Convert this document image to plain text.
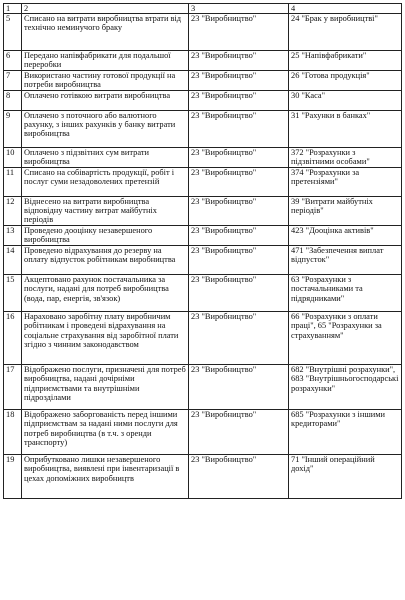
1	2	3	4
5	Списано на витрати виробництва втрати від технічно неминучого браку	23 "Виробництво"	24 "Брак у виробництві"
6	Передано напівфабрикати для подальшої переробки	23 "Виробництво"	25 "Напівфабрикати"
7	Використано частину готової продукції на потреби виробництва	23 "Виробництво"	26 "Готова продукція"
8	Оплачено готівкою витрати виробництва	23 "Виробництво"	30 "Каса"
9	Оплачено з поточного або валютного рахунку, з інших рахунків у банку витрати виробництва	23 "Виробництво"	31 "Рахунки в банках"
10	Оплачено з підзвітних сум витрати виробництва	23 "Виробництво"	372 "Розрахунки з підзвітними особами"
11	Списано на собівартість продукції, робіт і послуг суми незадоволених претензій	23 "Виробництво"	374 "Розрахунки за претензіями"
12	Віднесено на витрати виробництва відповідну частину витрат майбутніх періодів	23 "Виробництво"	39 "Витрати майбутніх періодів"
13	Проведено дооцінку незавершеного виробництва	23 "Виробництво"	423 "Дооцінка активів"
14	Проведено відрахування до резерву на оплату відпусток робітникам виробництва	23 "Виробництво"	471 "Забезпечення виплат відпусток"
15	Акцептовано рахунок постачальника за послуги, надані для потреб виробництва (вода, пар, енергія, зв'язок)	23 "Виробництво"	63 "Розрахунки з постачальниками та підрядниками"
16	Нараховано заробітну плату виробничим робітникам і проведені відрахування на соціальне страхування від заробітної плати згідно з чинним законодавством	23 "Виробництво"	66 "Розрахунки з оплати праці", 65 "Розрахунки за страхуванням"
17	Відображено послуги, призначені для потреб виробництва, надані дочірніми підприємствами та внутрішніми підрозділами	23 "Виробництво"	682 "Внутрішні розрахунки", 683 "Внутрішньогосподарські розрахунки"
18	Відображено заборгованість перед іншими підприємствам за надані ними послуги для потреб виробництва (в т.ч. з оренди транспорту)	23 "Виробництво"	685 "Розрахунки з іншими кредиторами"
19	Оприбутковано лишки незавершеного виробництва, виявлені при інвентаризації в цехах допоміжних виробництв	23 "Виробництво"	71 "Інший операційний дохід"
